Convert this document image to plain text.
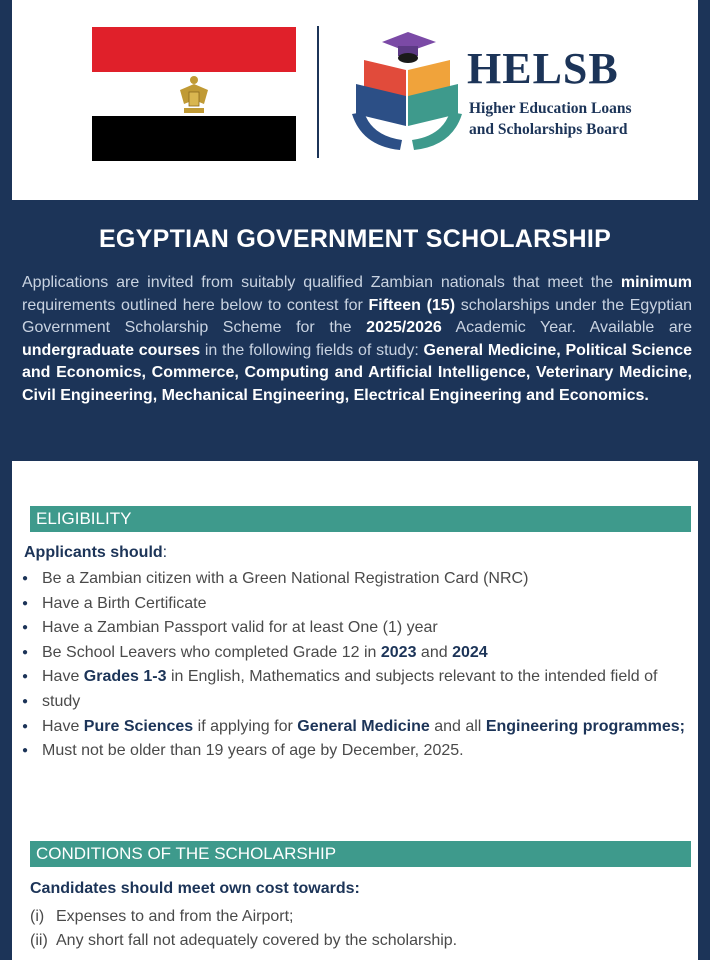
HELSB
Higher Education Loans
and Scholarships Board
EGYPTIAN GOVERNMENT SCHOLARSHIP
Applications are invited from suitably qualified Zambian nationals that meet the minimum requirements outlined here below to contest for Fifteen (15) scholarships under the Egyptian Government Scholarship Scheme for the 2025/2026 Academic Year. Available are undergraduate courses in the following fields of study: General Medicine, Political Science and Economics, Commerce, Computing and Artificial Intelligence, Veterinary Medicine, Civil Engineering, Mechanical Engineering, Electrical Engineering and Economics.
ELIGIBILITY
Applicants should:
● Be a Zambian citizen with a Green National Registration Card (NRC)
● Have a Birth Certificate
● Have a Zambian Passport valid for at least One (1) year
● Be School Leavers who completed Grade 12 in 2023 and 2024
● Have Grades 1-3 in English, Mathematics and subjects relevant to the intended field of
● study
● Have Pure Sciences if applying for General Medicine and all Engineering programmes;
● Must not be older than 19 years of age by December, 2025.
CONDITIONS OF THE SCHOLARSHIP
Candidates should meet own cost towards:
(i) Expenses to and from the Airport;
(ii) Any short fall not adequately covered by the scholarship.
